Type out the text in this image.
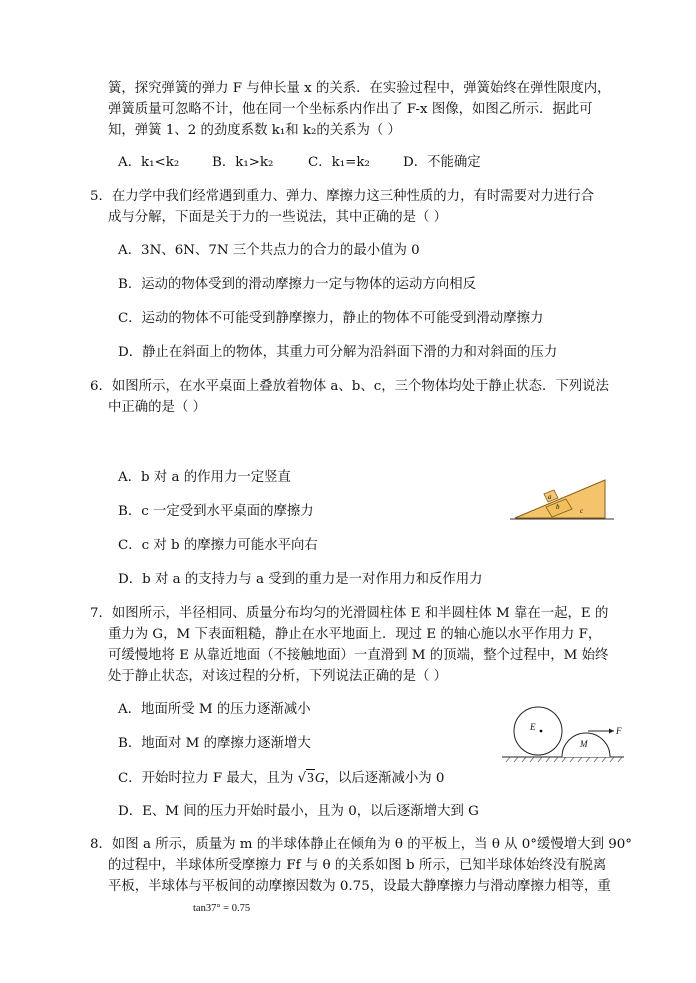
簧，探究弹簧的弹力 F 与伸长量 x 的关系．在实验过程中，弹簧始终在弹性限度内，
弹簧质量可忽略不计，他在同一个坐标系内作出了 F-x 图像，如图乙所示．据此可
知，弹簧 1、2 的劲度系数 k₁和 k₂的关系为（ ）
A．k₁<k₂ B．k₁>k₂	C．k₁=k₂ D．不能确定
5．在力学中我们经常遇到重力、弹力、摩擦力这三种性质的力，有时需要对力进行合
成与分解，下面是关于力的一些说法，其中正确的是（ ）
A．3N、6N、7N 三个共点力的合力的最小值为 0
B．运动的物体受到的滑动摩擦力一定与物体的运动方向相反
C．运动的物体不可能受到静摩擦力，静止的物体不可能受到滑动摩擦力
D．静止在斜面上的物体，其重力可分解为沿斜面下滑的力和对斜面的压力
6．如图所示，在水平桌面上叠放着物体 a、b、c，三个物体均处于静止状态．下列说法
中正确的是（ ）
A．b 对 a 的作用力一定竖直
B．c 一定受到水平桌面的摩擦力
C．c 对 b 的摩擦力可能水平向右
D．b 对 a 的支持力与 a 受到的重力是一对作用力和反作用力
a
b	c
7．如图所示，半径相同、质量分布均匀的光滑圆柱体 E 和半圆柱体 M 靠在一起，E 的
重力为 G，M 下表面粗糙，静止在水平地面上．现过 E 的轴心施以水平作用力 F，
可缓慢地将 E 从靠近地面（不接触地面）一直滑到 M 的顶端，整个过程中，M 始终
处于静止状态，对该过程的分析，下列说法正确的是（ ）
A．地面所受 M 的压力逐渐减小
B．地面对 M 的摩擦力逐渐增大
C．开始时拉力 F 最大，且为 √3G，以后逐渐减小为 0
D．E、M 间的压力开始时最小，且为 0，以后逐渐增大到 G
E
M
F
8．如图 a 所示，质量为 m 的半球体静止在倾角为 θ 的平板上，当 θ 从 0°缓慢增大到 90°
的过程中，半球体所受摩擦力 Ff 与 θ 的关系如图 b 所示，已知半球体始终没有脱离
平板，半球体与平板间的动摩擦因数为 0.75，设最大静摩擦力与滑动摩擦力相等，重
tan37° = 0.75
